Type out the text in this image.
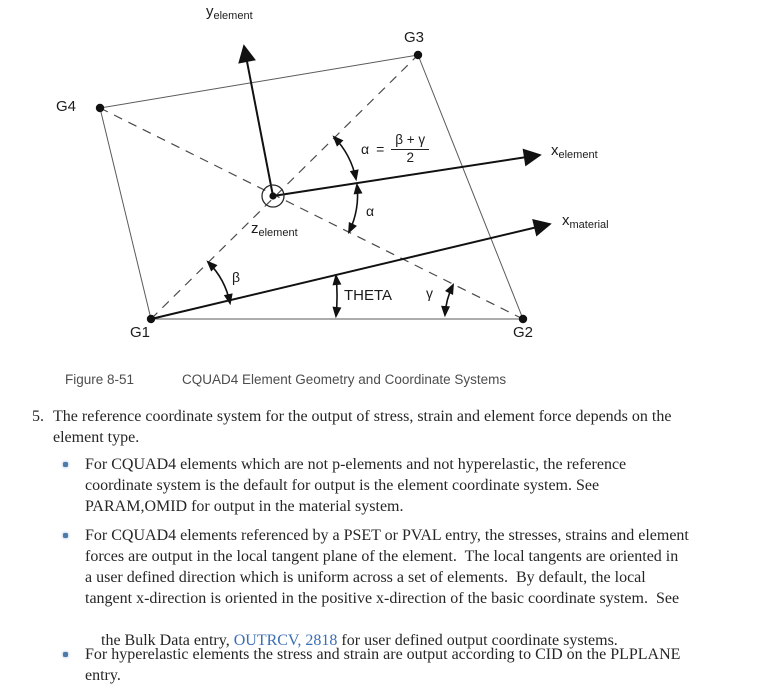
$y_{element}$
$x_{element}$
$x_{material}$
$z_{element}$
G1	G2
G3
G4
$\alpha = \frac{\beta + \gamma}{2}$
α
β
γ
THETA
Figure 8-51	CQUAD4 Element Geometry and Coordinate Systems
5. The reference coordinate system for the output of stress, strain and element force depends on the
element type.
For CQUAD4 elements which are not p-elements and not hyperelastic, the reference
coordinate system is the default for output is the element coordinate system. See
PARAM,OMID for output in the material system.
For CQUAD4 elements referenced by a PSET or PVAL entry, the stresses, strains and element
forces are output in the local tangent plane of the element.  The local tangents are oriented in
a user defined direction which is uniform across a set of elements.  By default, the local
tangent x-direction is oriented in the positive x-direction of the basic coordinate system.  See

the Bulk Data entry, OUTRCV, 2818 for user defined output coordinate systems.

For hyperelastic elements the stress and strain are output according to CID on the PLPLANE
entry.
